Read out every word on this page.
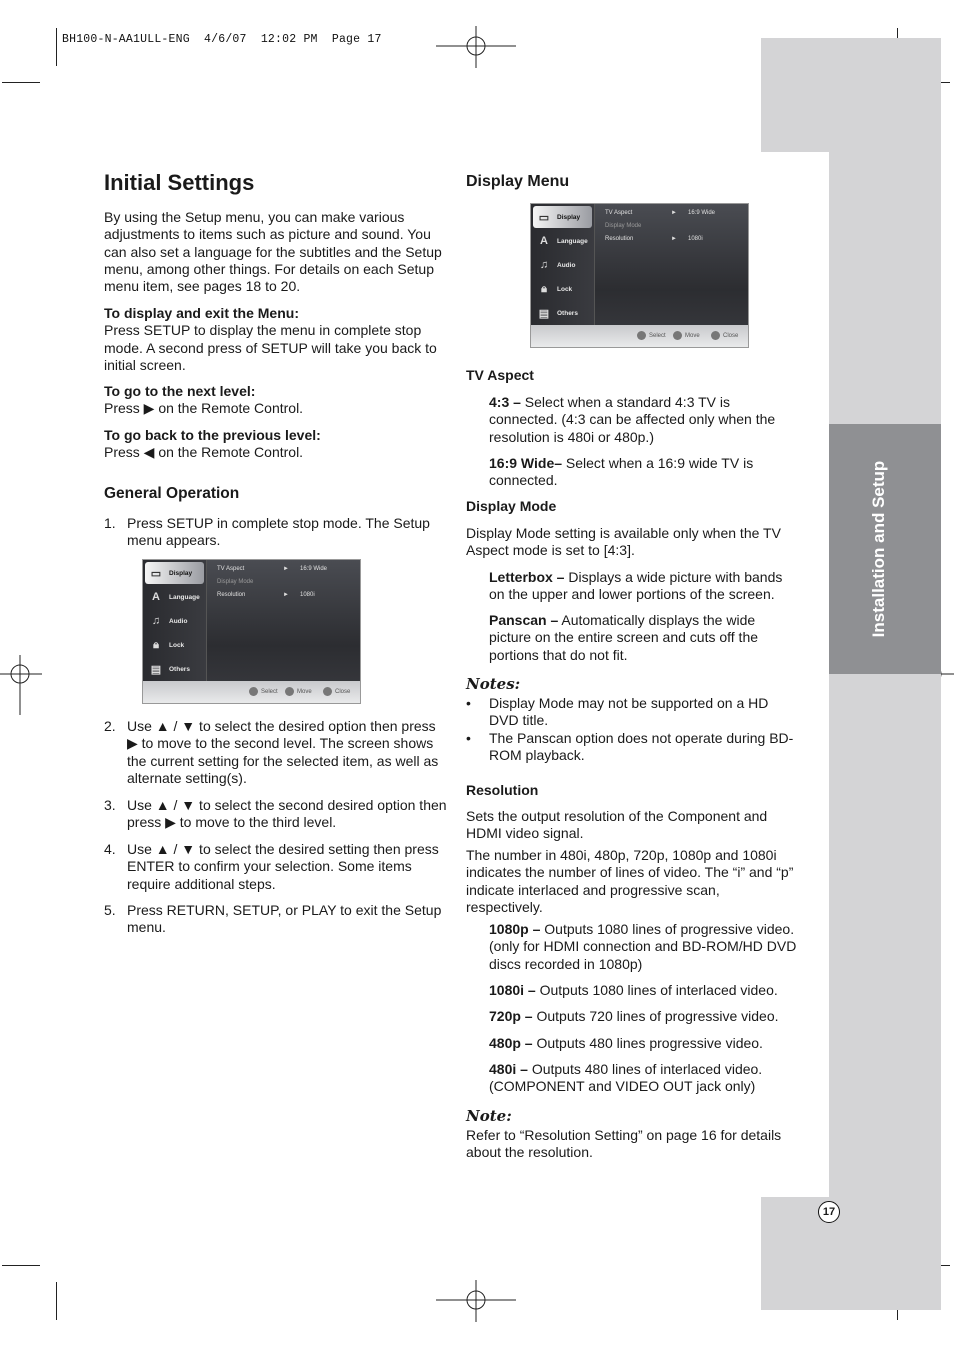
BH100-N-AA1ULL-ENG  4/6/07  12:02 PM  Page 17
Installation and Setup
17
Initial Settings

By using the Setup menu, you can make various adjustments to items such as picture and sound. You can also set a language for the subtitles and the Setup menu, among other things. For details on each Setup menu item, see pages 18 to 20.

To display and exit the Menu:

Press SETUP to display the menu in complete stop mode. A second press of SETUP will take you back to initial screen.

To go to the next level:

Press ▶ on the Remote Control.

To go back to the previous level:

Press ◀ on the Remote Control.

General Operation
1. Press SETUP in complete stop mode. The Setup menu appears.
▭ Display
A	Language
♫	Audio
🔒︎	Lock
▤ Others
TV Aspect	► 16:9 Wide
Display Mode
Resolution	► 1080i
Select	Move	Close
2. Use ▲ / ▼ to select the desired option then press ▶ to move to the second level. The screen shows the current setting for the selected item, as well as alternate setting(s).
3. Use ▲ / ▼ to select the second desired option then press ▶ to move to the third level.
4. Use ▲ / ▼ to select the desired setting then press ENTER to confirm your selection. Some items require additional steps.
5. Press RETURN, SETUP, or PLAY to exit the Setup menu.
Display Menu
▭ Display
A	Language
♫	Audio
🔒︎	Lock
▤ Others
TV Aspect	► 16:9 Wide
Display Mode
Resolution	► 1080i
Select	Move	Close
TV Aspect
4:3 – Select when a standard 4:3 TV is connected. (4:3 can be affected only when the resolution is 480i or 480p.)
16:9 Wide– Select when a 16:9 wide TV is connected.
Display Mode

Display Mode setting is available only when the TV Aspect mode is set to [4:3].

Letterbox – Displays a wide picture with bands on the upper and lower portions of the screen.
Panscan – Automatically displays the wide picture on the entire screen and cuts off the portions that do not fit.
Notes:
• Display Mode may not be supported on a HD DVD title.
• The Panscan option does not operate during BD-ROM playback.
Resolution

Sets the output resolution of the Component and HDMI video signal.

The number in 480i, 480p, 720p, 1080p and 1080i indicates the number of lines of video. The “i” and “p” indicate interlaced and progressive scan, respectively.

1080p – Outputs 1080 lines of progressive video. (only for HDMI connection and BD-ROM/HD DVD discs recorded in 1080p)
1080i – Outputs 1080 lines of interlaced video.
720p – Outputs 720 lines of progressive video.
480p – Outputs 480 lines progressive video.
480i – Outputs 480 lines of interlaced video. (COMPONENT and VIDEO OUT jack only)
Note:

Refer to “Resolution Setting” on page 16 for details about the resolution.
